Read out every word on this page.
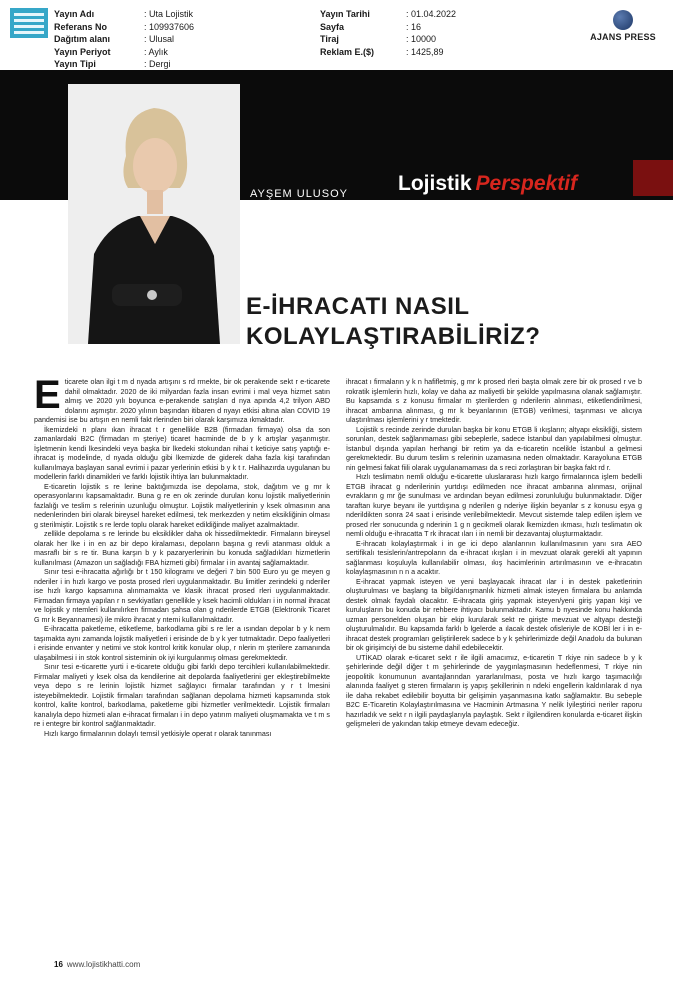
Yayın Adı	: Uta Lojistik
Referans No	: 109937606
Dağıtım alanı	: Ulusal
Yayın Periyot	: Aylık
Yayın Tipi	: Dergi
Yayın Tarihi	: 01.04.2022
Sayfa	: 16
Tiraj	: 10000
Reklam E.($)	: 1425,89
AJANS PRESS
AYŞEM ULUSOY
UTİKAD Yönetim Kurulu Başkanı
aysem.ulusoy@atcgrup.com.tr
Lojistik Perspektif
E-İHRACATI NASIL
KOLAYLAŞTIRABİLİRİZ?
E ticarete olan ilgi t m d nyada artışını s rd rmekte, bir ok perakende sekt r e-ticarete dahil olmaktadır. 2020 de iki milyardan fazla insan evrimi i mal veya hizmet satın almış ve 2020 yılı boyunca e-perakende satışları d nya apında 4,2 trilyon ABD dolarını aşmıştır. 2020 yılının başından itibaren d nyayı etkisi altına alan COVID 19 pandemisi ise bu artışın en nemli fakt rlerinden biri olarak karşımıza ıkmaktadır.

İkemizdeki n planı ıkan ihracat t r genellikle B2B (firmadan firmaya) olsa da son zamanlardaki B2C (firmadan m şteriye) ticaret hacminde de b y k artışlar yaşanmıştır. İşletmenin kendi lkesindeki veya başka bir lkedeki stokundan nihai t keticiye satış yaptığı e-ihracat iş modelinde, d nyada olduğu gibi lkemizde de giderek daha fazla kişi tarafından kullanılmaya başlayan sanal evrimi i pazar yerlerinin etkisi b y k t r. Halihazırda uygulanan bu modellerin farklı dinamikleri ve farklı lojistik ihtiya ları bulunmaktadır.

E-ticaretin lojistik s re lerine baktığımızda ise depolama, stok, dağıtım ve g mr k operasyonlarını kapsamaktadır. Buna g re en ok zerinde durulan konu lojistik maliyetlerinin fazlalığı ve teslim s relerinin uzunluğu olmuştur. Lojistik maliyetlerinin y ksek olmasının ana nedenlerinden biri olarak bireysel hareket edilmesi, tek merkezden y netim eksikliğinin olması g sterilmiştir. Lojistik s re lerde toplu olarak hareket edildiğinde maliyet azalmaktadır.

zellikle depolama s re lerinde bu eksiklikler daha ok hissedilmektedir. Firmaların bireysel olarak her lke i in en az bir depo kiralaması, depoların başına g revli atanması olduk a masraflı bir s re tir. Buna karşın b y k pazaryerlerinin bu konuda sağladıkları hizmetlerin kullanılması (Amazon un sağladığı FBA hizmeti gibi) firmalar i in avantaj sağlamaktadır.

Sınır tesi e-ihracatta ağırlığı br t 150 kilogramı ve değeri 7 bin 500 Euro yu ge meyen g nderiler i in hızlı kargo ve posta prosed rleri uygulanmaktadır. Bu limitler zerindeki g nderiler ise hızlı kargo kapsamına alınmamakta ve klasik ihracat prosed rleri uygulanmaktadır. Firmadan firmaya yapılan r n sevkiyatları genellikle y ksek hacimli oldukları i in normal ihracat ve lojistik y ntemleri kullanılırken firmadan şahsa olan g nderilerde ETGB (Elektronik Ticaret G mr k Beyannamesi) ile mikro ihracat y ntemi kullanılmaktadır.

E-ihracatta paketleme, etiketleme, barkodlama gibi s re ler a ısından depolar b y k nem taşımakta aynı zamanda lojistik maliyetleri i erisinde de b y k yer tutmaktadır. Depo faaliyetleri i erisinde envanter y netimi ve stok kontrol kritik konular olup, r nlerin m şterilere zamanında ulaşabilmesi i in stok kontrol sisteminin ok iyi kurgulanmış olması gerekmektedir.

Sınır tesi e-ticarette yurti i e-ticarete olduğu gibi farklı depo tercihleri kullanılabilmektedir. Firmalar maliyeti y ksek olsa da kendilerine ait depolarda faaliyetlerini ger ekleştirebilmekte veya depo s re lerinin lojistik hizmet sağlayıcı firmalar tarafından y r t lmesini isteyebilmektedir. Lojistik firmaları tarafından sağlanan depolama hizmeti kapsamında stok kontrol, kalite kontrol, barkodlama, paketleme gibi hizmetler verilmektedir. Lojistik firmaları kanalıyla depo hizmeti alan e-ihracat firmaları i in depo yatırım maliyeti oluşmamakta ve t m s re i entegre bir kontrol sağlanmaktadır.

Hızlı kargo firmalarının dolaylı temsil yetkisiyle operat r olarak tanınması

ihracat ı firmaların y k n hafifletmiş, g mr k prosed rleri başta olmak zere bir ok prosed r ve b rokratik işlemlerin hızlı, kolay ve daha az maliyetli bir şekilde yapılmasına olanak sağlamıştır. Bu kapsamda s z konusu firmalar m şterilerden g nderilerin alınması, etiketlendirilmesi, ihracat ambarına alınması, g mr k beyanlarının (ETGB) verilmesi, taşınması ve alıcıya ulaştırılması işlemlerini y r tmektedir.

Lojistik s recinde zerinde durulan başka bir konu ETGB li ıkışların; altyapı eksikliği, sistem sorunları, destek sağlanmaması gibi sebeplerle, sadece İstanbul dan yapılabilmesi olmuştur. İstanbul dışında yapılan herhangi bir retim ya da e-ticaretin ncelikle İstanbul a gelmesi gerekmektedir. Bu durum teslim s relerinin uzamasına neden olmaktadır. Karayoluna ETGB nin gelmesi fakat fiili olarak uygulanamaması da s reci zorlaştıran bir başka fakt rd r.

Hızlı teslimatın nemli olduğu e-ticarette uluslararası hızlı kargo firmalarınca işlem bedelli ETGB ihracat g nderilerinin yurtdışı edilmeden nce ihracat ambarına alınması, orijinal evrakların g mr ğe sunulması ve ardından beyan edilmesi zorunluluğu bulunmaktadır. Diğer taraftan kurye beyanı ile yurtdışına g nderilen g nderiye ilişkin beyanlar s z konusu eşya g nderildikten sonra 24 saat i erisinde verilebilmektedir. Mevcut sistemde talep edilen işlem ve prosed rler sonucunda g nderinin 1 g n gecikmeli olarak lkemizden ıkması, hızlı teslimatın ok nemli olduğu e-ihracatta T rk ihracat ıları i in nemli bir dezavantaj oluşturmaktadır.

E-ihracatı kolaylaştırmak i in ge ici depo alanlarının kullanılmasının yanı sıra AEO sertifikalı tesislerin/antrepoların da e-ihracat ıkışları i in mevzuat olarak gerekli alt yapının sağlanması koşuluyla kullanılabilir olması, ıkış hacimlerinin artırılmasının ve e-ihracatın kolaylaşmasının n n a acaktır.

E-ihracat yapmak isteyen ve yeni başlayacak ihracat ılar i in destek paketlerinin oluşturulması ve başlang ta bilgi/danışmanlık hizmeti almak isteyen firmalara bu anlamda destek olmak faydalı olacaktır. E-ihracata giriş yapmak isteyen/yeni giriş yapan kişi ve kuruluşların bu konuda bir rehbere ihtiyacı bulunmaktadır. Kamu b nyesinde konu hakkında uzman personelden oluşan bir ekip kurularak sekt re girişte mevzuat ve altyapı desteği oluşturulmalıdır. Bu kapsamda farklı b lgelerde a ılacak destek ofisleriyle de KOBİ ler i in e-ihracat destek programları geliştirilerek sadece b y k şehirlerimizde değil Anadolu da bulunan bir ok girişimciyi de bu sisteme dahil edebilecektir.

UTİKAD olarak e-ticaret sekt r ile ilgili amacımız, e-ticaretin T rkiye nin sadece b y k şehirlerinde değil diğer t m şehirlerinde de yaygınlaşmasının hedeflenmesi, T rkiye nin jeopolitik konumunun avantajlarından yararlanılması, posta ve hızlı kargo taşımacılığı alanında faaliyet g steren firmaların iş yapış şekillerinin n ndeki engellerin kaldırılarak d nya ile daha rekabet edilebilir boyutta bir gelişimin yaşanmasına katkı sağlamaktır. Bu sebeple B2C E-Ticaretin Kolaylaştırılmasına ve Hacminin Artmasına Y nelik İyileştirici neriler raporu hazırladık ve sekt r n ilgili paydaşlarıyla paylaştık. Sekt r ilgilendiren konularda e-ticaret ilişkin gelişmeleri de yakından takip etmeye devam edeceğiz.

16 www.lojistikhatti.com
